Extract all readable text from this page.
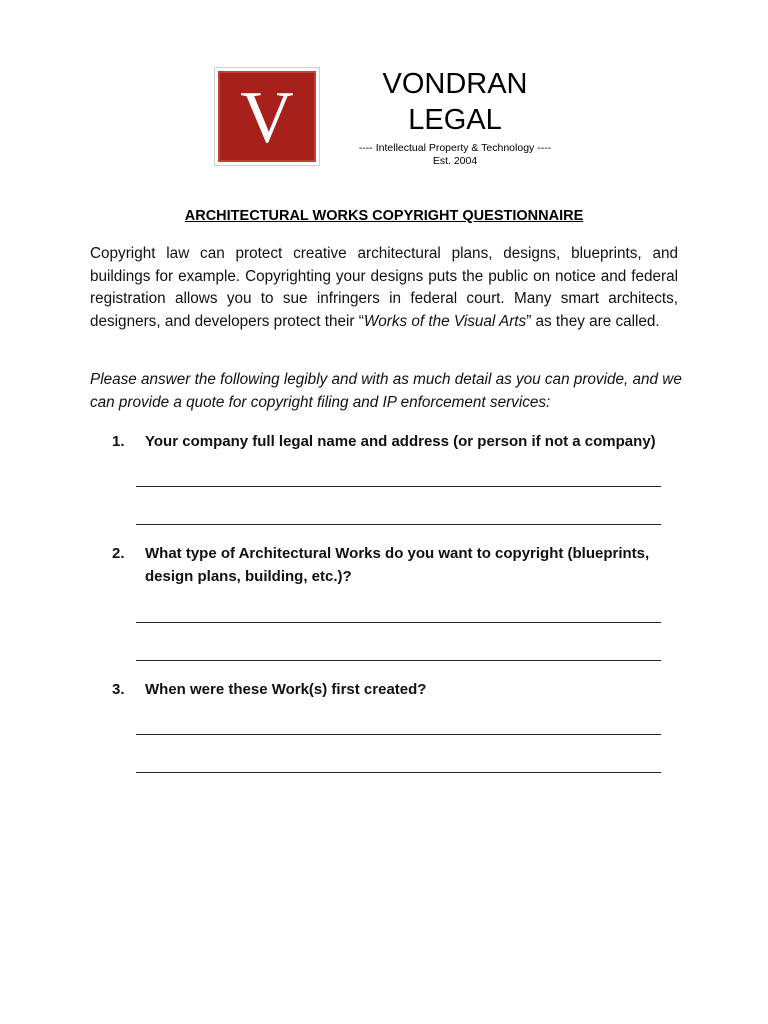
V	VONDRAN
LEGAL
---- Intellectual Property & Technology ----
Est. 2004
ARCHITECTURAL WORKS COPYRIGHT QUESTIONNAIRE
Copyright law can protect creative architectural plans, designs, blueprints, and buildings for example. Copyrighting your designs puts the public on notice and federal registration allows you to sue infringers in federal court. Many smart architects, designers, and developers protect their “Works of the Visual Arts” as they are called.
Please answer the following legibly and with as much detail as you can provide, and we can provide a quote for copyright filing and IP enforcement services:
1. Your company full legal name and address (or person if not a company)
2. What type of Architectural Works do you want to copyright (blueprints, design plans, building, etc.)?
3. When were these Work(s) first created?
